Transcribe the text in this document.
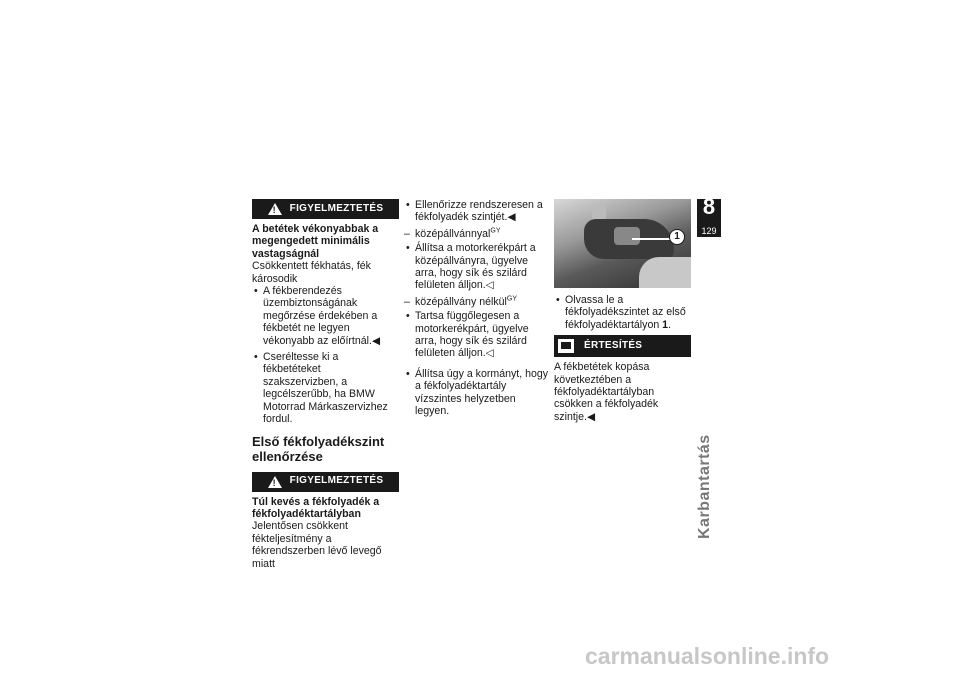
!
FIGYELMEZTETÉS

A betétek vékonyabbak a megengedett minimális vastagságnál

Csökkentett fékhatás, fék károsodik

• A fékberendezés üzembiztonságának megőrzése érdekében a fékbetét ne legyen vékonyabb az előírtnál.◀
• Cseréltesse ki a fékbetéteket szakszervizben, a legcélszerűbb, ha BMW Motorrad Márkaszervizhez fordul.
Első fékfolyadékszint ellenőrzése
!
FIGYELMEZTETÉS

Túl kevés a fékfolyadék a fékfolyadéktartályban

Jelentősen csökkent fékteljesítmény a fékrendszerben lévő levegő miatt

• Ellenőrizze rendszeresen a fékfolyadék szintjét.◀
– középállvánnyal$^{GY}$
• Állítsa a motorkerékpárt a középállványra, ügyelve arra, hogy sík és szilárd felületen álljon.◁
– középállvány nélkül$^{GY}$
• Tartsa függőlegesen a motorkerékpárt, ügyelve arra, hogy sík és szilárd felületen álljon.◁
• Állítsa úgy a kormányt, hogy a fékfolyadéktartály vízszintes helyzetben legyen.
1
• Olvassa le a fékfolyadékszintet az első fékfolyadéktartályon 1.
ÉRTESÍTÉS

A fékbetétek kopása következtében a fékfolyadéktartályban csökken a fékfolyadék szintje.◀

8
129
Karbantartás
carmanualsonline.info
